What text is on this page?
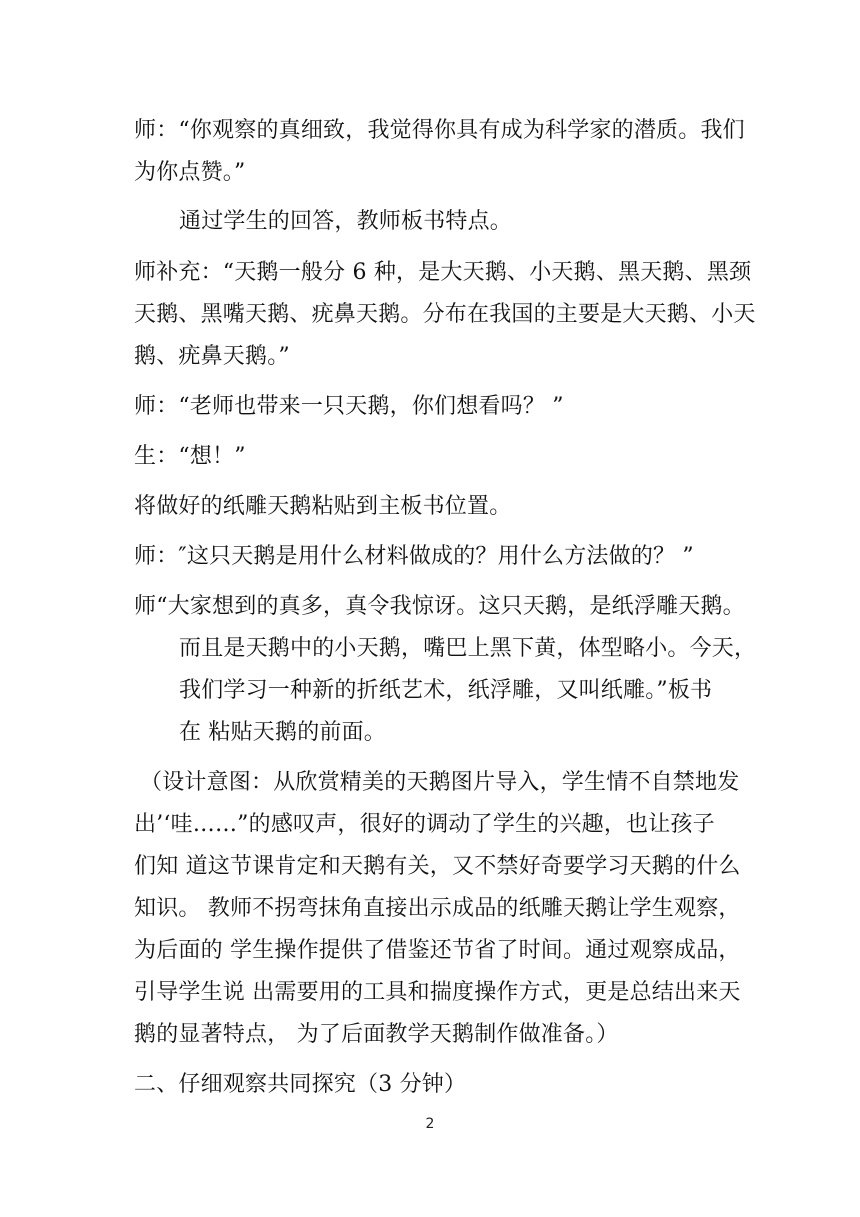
师：“你观察的真细致，我觉得你具有成为科学家的潜质。我们
为你点赞。”
通过学生的回答，教师板书特点。
师补充：“天鹅一般分 6 种，是大天鹅、小天鹅、黑天鹅、黑颈
天鹅、黑嘴天鹅、疣鼻天鹅。分布在我国的主要是大天鹅、小天
鹅、疣鼻天鹅。”
师：“老师也带来一只天鹅，你们想看吗？ ”
生：“想！”
将做好的纸雕天鹅粘贴到主板书位置。
师：″这只天鹅是用什么材料做成的？用什么方法做的？ ”
师“大家想到的真多，真令我惊讶。这只天鹅，是纸浮雕天鹅。
而且是天鹅中的小天鹅，嘴巴上黑下黄，体型略小。今天，
我们学习一种新的折纸艺术，纸浮雕，又叫纸雕。”板书
在 粘贴天鹅的前面。
（设计意图：从欣赏精美的天鹅图片导入，学生情不自禁地发
出’‘哇……”的感叹声，很好的调动了学生的兴趣，也让孩子
们知 道这节课肯定和天鹅有关，又不禁好奇要学习天鹅的什么
知识。 教师不拐弯抹角直接出示成品的纸雕天鹅让学生观察，
为后面的 学生操作提供了借鉴还节省了时间。通过观察成品，
引导学生说 出需要用的工具和揣度操作方式，更是总结出来天
鹅的显著特点， 为了后面教学天鹅制作做准备。）
二、仔细观察共同探究（3 分钟）
2
